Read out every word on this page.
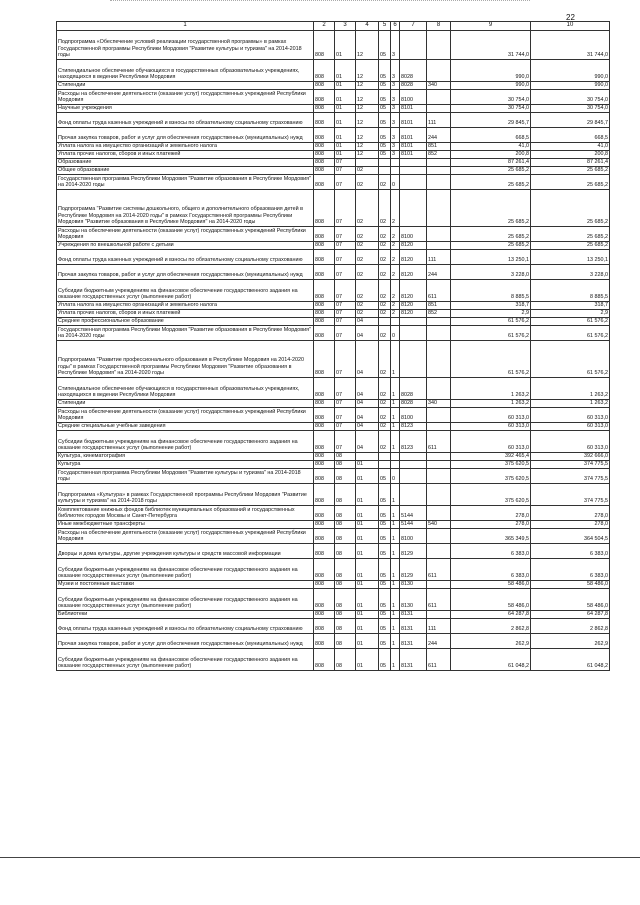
22
1	2	3	4	5	6	7	8	9	10
Подпрограмма «Обеспечение условий реализации государственной программы» в рамках Государственной программы Республики Мордовия "Развитие культуры и туризма" на 2014-2018 годы	808	01	12	05	3			31 744,0	31 744,0
Стипендиальное обеспечение обучающихся в государственных образовательных учреждениях, находящихся в ведении Республики Мордовия	808	01	12	05	3	8028		990,0	990,0
Стипендии	808	01	12	05	3	8028	340	990,0	990,0
Расходы на обеспечение деятельности (оказание услуг) государственных учреждений Республики Мордовия	808	01	12	05	3	8100		30 754,0	30 754,0
Научные учреждения	808	01	12	05	3	8101		30 754,0	30 754,0
Фонд оплаты труда казенных учреждений и взносы по обязательному социальному страхованию	808	01	12	05	3	8101	111	29 845,7	29 845,7
Прочая закупка товаров, работ и услуг для обеспечения государственных (муниципальных) нужд	808	01	12	05	3	8101	244	668,5	668,5
Уплата налога на имущество организаций и земельного налога	808	01	12	05	3	8101	851	41,0	41,0
Уплата прочих налогов, сборов и иных платежей	808	01	12	05	3	8101	852	200,8	200,8
Образование	808	07						87 261,4	87 261,4
Общее образование	808	07	02					25 685,2	25 685,2
Государственная программа Республики Мордовия "Развитие образования в Республике Мордовия" на 2014-2020 годы	808	07	02	02	0			25 685,2	25 685,2
Подпрограмма "Развитие системы дошкольного, общего и дополнительного образования детей в Республике Мордовия на 2014-2020 годы" в рамках Государственной программы Республики Мордовия "Развитие образования в Республике Мордовия" на 2014-2020 годы	808	07	02	02	2			25 685,2	25 685,2
Расходы на обеспечение деятельности (оказание услуг) государственных учреждений Республики Мордовия	808	07	02	02	2	8100		25 685,2	25 685,2
Учреждения по внешкольной работе с детьми	808	07	02	02	2	8120		25 685,2	25 685,2
Фонд оплаты труда казенных учреждений и взносы по обязательному социальному страхованию	808	07	02	02	2	8120	111	13 250,1	13 250,1
Прочая закупка товаров, работ и услуг для обеспечения государственных (муниципальных) нужд	808	07	02	02	2	8120	244	3 228,0	3 228,0
Субсидии бюджетным учреждениям на финансовое обеспечение государственного задания на оказание государственных услуг (выполнение работ)	808	07	02	02	2	8120	611	8 885,5	8 885,5
Уплата налога на имущество организаций и земельного налога	808	07	02	02	2	8120	851	318,7	318,7
Уплата прочих налогов, сборов и иных платежей	808	07	02	02	2	8120	852	2,9	2,9
Среднее профессиональное образование	808	07	04					61 576,2	61 576,2
Государственная программа Республики Мордовия "Развитие образования в Республике Мордовия" на 2014-2020 годы	808	07	04	02	0			61 576,2	61 576,2
Подпрограмма "Развитие профессионального образования в Республике Мордовия на 2014-2020 годы" в рамках Государственной программы Республики Мордовия "Развитие образования в Республике Мордовия" на 2014-2020 годы	808	07	04	02	1			61 576,2	61 576,2
Стипендиальное обеспечение обучающихся в государственных образовательных учреждениях, находящихся в ведении Республики Мордовия	808	07	04	02	1	8028		1 263,2	1 263,2
Стипендии	808	07	04	02	1	8028	340	1 263,2	1 263,2
Расходы на обеспечение деятельности (оказание услуг) государственных учреждений Республики Мордовия	808	07	04	02	1	8100		60 313,0	60 313,0
Средние специальные учебные заведения	808	07	04	02	1	8123		60 313,0	60 313,0
Субсидии бюджетным учреждениям на финансовое обеспечение государственного задания на оказание государственных услуг (выполнение работ)	808	07	04	02	1	8123	611	60 313,0	60 313,0
Культура, кинематография	808	08						392 465,4	392 666,0
Культура	808	08	01					375 620,5	374 775,5
Государственная программа Республики Мордовия "Развитие культуры и туризма" на 2014-2018 годы	808	08	01	05	0			375 620,5	374 775,5
Подпрограмма «Культура» в рамках Государственной программы Республики Мордовия "Развитие культуры и туризма" на 2014-2018 годы	808	08	01	05	1			375 620,5	374 775,5
Комплектование книжных фондов библиотек муниципальных образований и государственных библиотек городов Москвы и Санкт-Петербурга	808	08	01	05	1	5144		278,0	278,0
Иные межбюджетные трансферты	808	08	01	05	1	5144	540	278,0	278,0
Расходы на обеспечение деятельности (оказание услуг) государственных учреждений Республики Мордовия	808	08	01	05	1	8100		365 349,5	364 504,5
Дворцы и дома культуры, другие учреждения культуры и средств массовой информации	808	08	01	05	1	8129		6 383,0	6 383,0
Субсидии бюджетным учреждениям на финансовое обеспечение государственного задания на оказание государственных услуг (выполнение работ)	808	08	01	05	1	8129	611	6 383,0	6 383,0
Музеи и постоянные выставки	808	08	01	05	1	8130		58 486,0	58 486,0
Субсидии бюджетным учреждениям на финансовое обеспечение государственного задания на оказание государственных услуг (выполнение работ)	808	08	01	05	1	8130	611	58 486,0	58 486,0
Библиотеки	808	08	01	05	1	8131		64 287,8	64 287,8
Фонд оплаты труда казенных учреждений и взносы по обязательному социальному страхованию	808	08	01	05	1	8131	111	2 862,8	2 862,8
Прочая закупка товаров, работ и услуг для обеспечения государственных (муниципальных) нужд	808	08	01	05	1	8131	244	262,9	262,9
Субсидии бюджетным учреждениям на финансовое обеспечение государственного задания на оказание государственных услуг (выполнение работ)	808	08	01	05	1	8131	611	61 048,2	61 048,2
